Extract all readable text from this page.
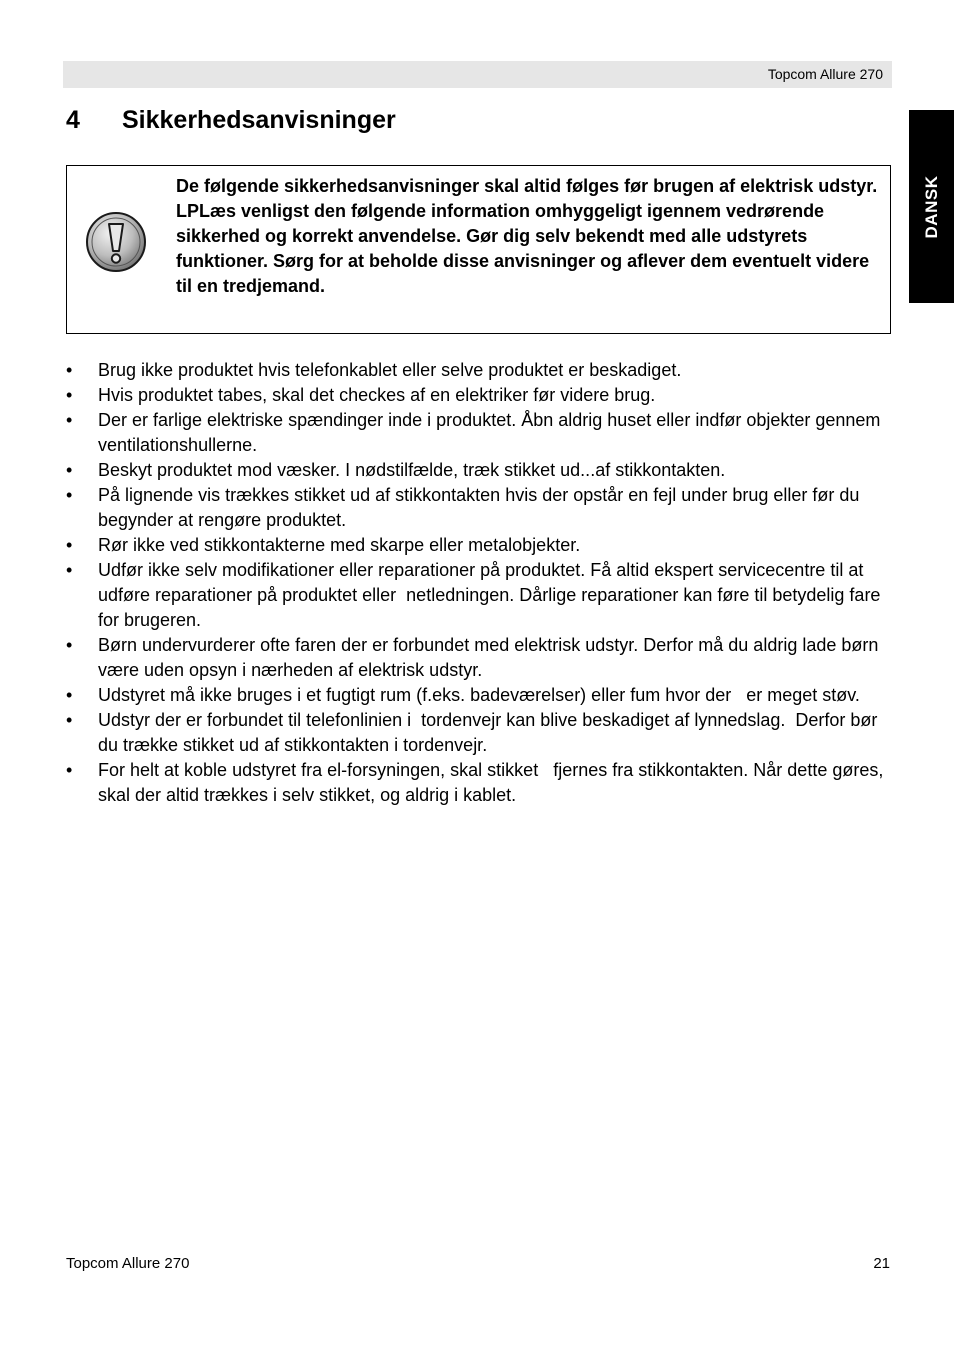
Topcom Allure 270
DANSK
4 Sikkerhedsanvisninger

De følgende sikkerhedsanvisninger skal altid følges før brugen af elektrisk udstyr.

LPLæs venligst den følgende information omhyggeligt igennem vedrørende sikkerhed og korrekt anvendelse. Gør dig selv bekendt med alle udstyrets funktioner. Sørg for at beholde disse anvisninger og aflever dem eventuelt videre til en tredjemand.

• Brug ikke produktet hvis telefonkablet eller selve produktet er beskadiget.
• Hvis produktet tabes, skal det checkes af en elektriker før videre brug.
• Der er farlige elektriske spændinger inde i produktet. Åbn aldrig huset eller indfør objekter gennem ventilationshullerne.
• Beskyt produktet mod væsker. I nødstilfælde, træk stikket ud...af stikkontakten.
• På lignende vis trækkes stikket ud af stikkontakten hvis der opstår en fejl under brug eller før du begynder at rengøre produktet.
• Rør ikke ved stikkontakterne med skarpe eller metalobjekter.
• Udfør ikke selv modifikationer eller reparationer på produktet. Få altid ekspert servicecentre til at udføre reparationer på produktet eller  netledningen. Dårlige reparationer kan føre til betydelig fare for brugeren.
• Børn undervurderer ofte faren der er forbundet med elektrisk udstyr. Derfor må du aldrig lade børn være uden opsyn i nærheden af elektrisk udstyr.
• Udstyret må ikke bruges i et fugtigt rum (f.eks. badeværelser) eller fum hvor der   er meget støv.
• Udstyr der er forbundet til telefonlinien i  tordenvejr kan blive beskadiget af lynnedslag.  Derfor bør du trække stikket ud af stikkontakten i tordenvejr.
• For helt at koble udstyret fra el-forsyningen, skal stikket   fjernes fra stikkontakten. Når dette gøres, skal der altid trækkes i selv stikket, og aldrig i kablet.
Topcom Allure 270	21
